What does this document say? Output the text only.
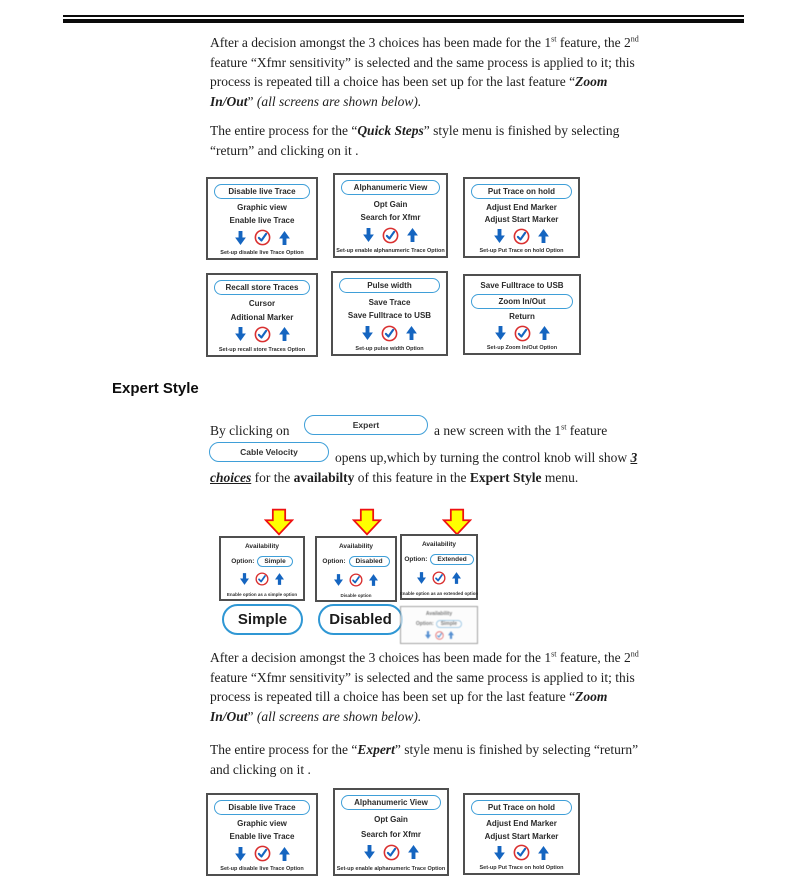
After a decision amongst the 3 choices has been made for the 1st feature, the 2nd
feature “Xfmr sensitivity” is selected and the same process is applied to it; this
process is repeated till a choice has been set up for the last feature “Zoom
In/Out” (all screens are shown below).
The entire process for the “Quick Steps” style menu is finished by selecting
“return” and clicking on it .
Disable live Trace
Graphic view
Enable live Trace
Set-up disable live Trace Option
Alphanumeric View
Opt Gain
Search for Xfmr
Set-up enable alphanumeric Trace Option
Put Trace on hold
Adjust End Marker
Adjust Start Marker
Set-up Put Trace on hold Option
Recall store Traces
Cursor
Aditional Marker
Set-up recall store Traces Option
Pulse width
Save Trace
Save Fulltrace to USB
Set-up pulse width Option
Save Fulltrace to USB
Zoom In/Out
Return
Set-up Zoom In/Out Option
Expert Style
By clicking on	Expert	a new screen with the 1st feature
Cable Velocity	opens up,which by turning the control knob will show 3
choices for the availabilty of this feature in the Expert Style menu.
Availability
Option:	Simple
Enable option as a simple option
Availability
Option:	Disabled
Disable option
Availability
Option:	Extended
Enable option as an extended option
Simple	Disabled	Availability
Option:	Simple
After a decision amongst the 3 choices has been made for the 1st feature, the 2nd
feature “Xfmr sensitivity” is selected and the same process is applied to it; this
process is repeated till a choice has been set up for the last feature “Zoom
In/Out” (all screens are shown below).
The entire process for the “Expert” style menu is finished by selecting “return”
and clicking on it .
Disable live Trace
Graphic view
Enable live Trace
Set-up disable live Trace Option
Alphanumeric View
Opt Gain
Search for Xfmr
Set-up enable alphanumeric Trace Option
Put Trace on hold
Adjust End Marker
Adjust Start Marker
Set-up Put Trace on hold Option
